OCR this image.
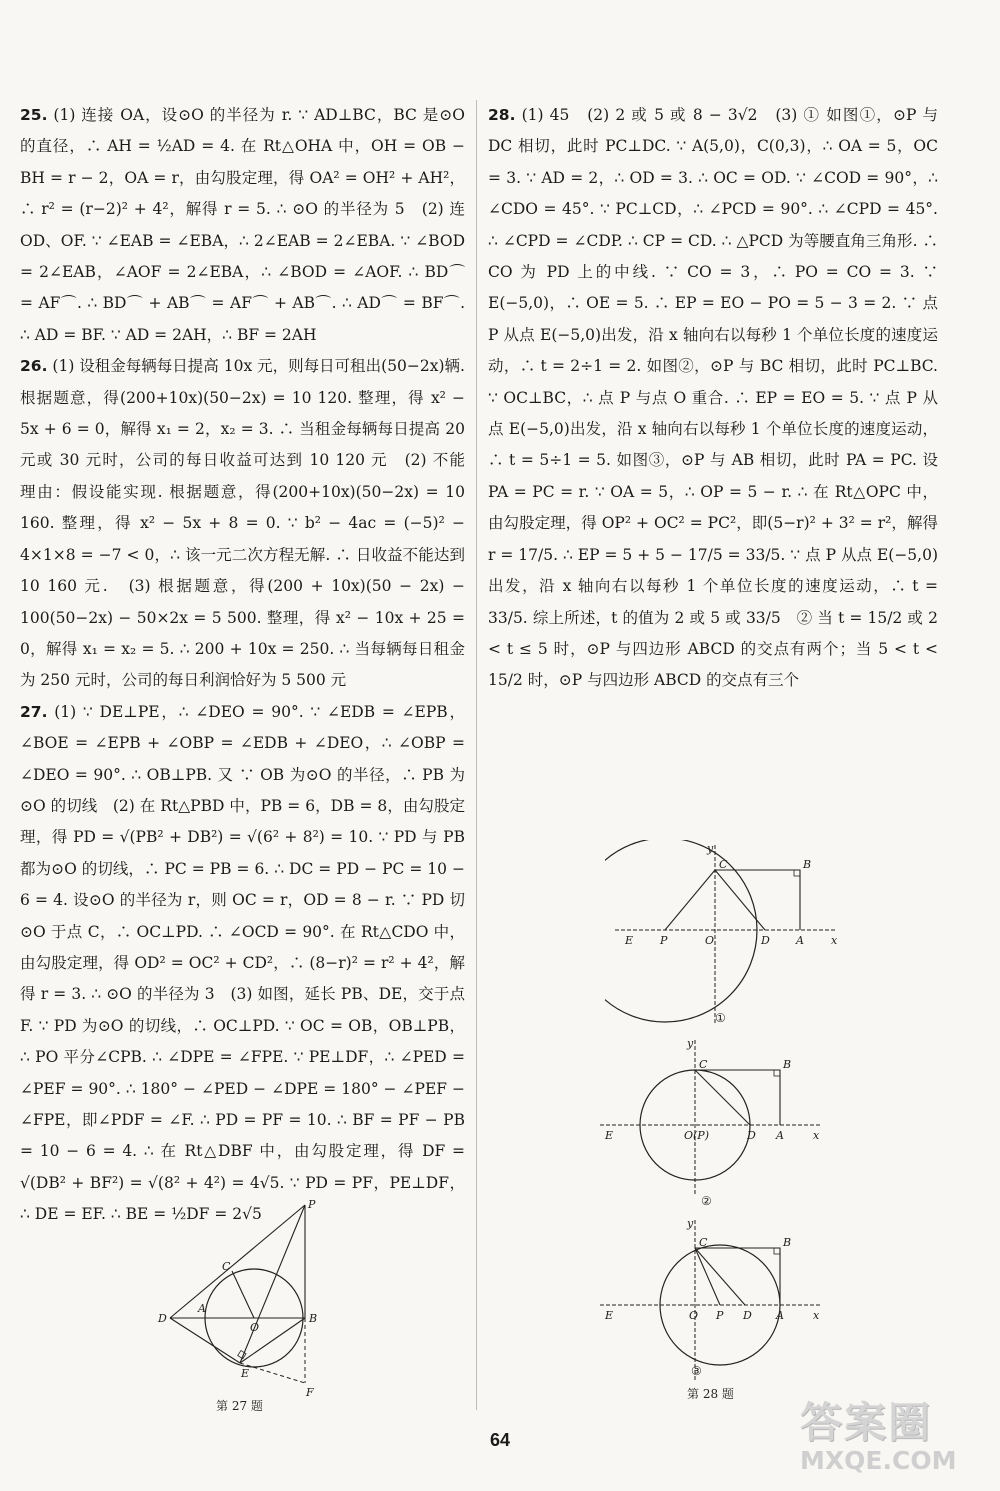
25. (1) 连接 OA，设⊙O 的半径为 r. ∵ AD⊥BC，BC 是⊙O 的直径，∴ AH = ½AD = 4. 在 Rt△OHA 中，OH = OB − BH = r − 2，OA = r，由勾股定理，得 OA² = OH² + AH²，∴ r² = (r−2)² + 4²，解得 r = 5. ∴ ⊙O 的半径为 5　(2) 连 OD、OF. ∵ ∠EAB = ∠EBA，∴ 2∠EAB = 2∠EBA. ∵ ∠BOD = 2∠EAB，∠AOF = 2∠EBA，∴ ∠BOD = ∠AOF. ∴ BD⌒ = AF⌒. ∴ BD⌒ + AB⌒ = AF⌒ + AB⌒. ∴ AD⌒ = BF⌒. ∴ AD = BF. ∵ AD = 2AH，∴ BF = 2AH

26. (1) 设租金每辆每日提高 10x 元，则每日可租出(50−2x)辆. 根据题意，得(200+10x)(50−2x) = 10 120. 整理，得 x² − 5x + 6 = 0，解得 x₁ = 2，x₂ = 3. ∴ 当租金每辆每日提高 20 元或 30 元时，公司的每日收益可达到 10 120 元　(2) 不能　理由：假设能实现. 根据题意，得(200+10x)(50−2x) = 10 160. 整理，得 x² − 5x + 8 = 0. ∵ b² − 4ac = (−5)² − 4×1×8 = −7 < 0，∴ 该一元二次方程无解. ∴ 日收益不能达到 10 160 元.　(3) 根据题意，得(200 + 10x)(50 − 2x) − 100(50−2x) − 50×2x = 5 500. 整理，得 x² − 10x + 25 = 0，解得 x₁ = x₂ = 5. ∴ 200 + 10x = 250. ∴ 当每辆每日租金为 250 元时，公司的每日利润恰好为 5 500 元

27. (1) ∵ DE⊥PE，∴ ∠DEO = 90°. ∵ ∠EDB = ∠EPB，∠BOE = ∠EPB + ∠OBP = ∠EDB + ∠DEO，∴ ∠OBP = ∠DEO = 90°. ∴ OB⊥PB. 又 ∵ OB 为⊙O 的半径，∴ PB 为⊙O 的切线　(2) 在 Rt△PBD 中，PB = 6，DB = 8，由勾股定理，得 PD = √(PB² + DB²) = √(6² + 8²) = 10. ∵ PD 与 PB 都为⊙O 的切线，∴ PC = PB = 6. ∴ DC = PD − PC = 10 − 6 = 4. 设⊙O 的半径为 r，则 OC = r，OD = 8 − r. ∵ PD 切⊙O 于点 C，∴ OC⊥PD. ∴ ∠OCD = 90°. 在 Rt△CDO 中，由勾股定理，得 OD² = OC² + CD²，∴ (8−r)² = r² + 4²，解得 r = 3. ∴ ⊙O 的半径为 3　(3) 如图，延长 PB、DE，交于点 F. ∵ PD 为⊙O 的切线，∴ OC⊥PD. ∵ OC = OB，OB⊥PB，∴ PO 平分∠CPB. ∴ ∠DPE = ∠FPE. ∵ PE⊥DF，∴ ∠PED = ∠PEF = 90°. ∴ 180° − ∠PED − ∠DPE = 180° − ∠PEF − ∠FPE，即∠PDF = ∠F. ∴ PD = PF = 10. ∴ BF = PF − PB = 10 − 6 = 4. ∴ 在 Rt△DBF 中，由勾股定理，得 DF = √(DB² + BF²) = √(8² + 4²) = 4√5. ∵ PD = PF，PE⊥DF，∴ DE = EF. ∴ BE = ½DF = 2√5

P
C
A
D
O
B
E
F
第 27 题

28. (1) 45　(2) 2 或 5 或 8 − 3√2　(3) ① 如图①，⊙P 与 DC 相切，此时 PC⊥DC. ∵ A(5,0)，C(0,3)，∴ OA = 5，OC = 3. ∵ AD = 2，∴ OD = 3. ∴ OC = OD. ∵ ∠COD = 90°，∴ ∠CDO = 45°. ∵ PC⊥CD，∴ ∠PCD = 90°. ∴ ∠CPD = 45°. ∴ ∠CPD = ∠CDP. ∴ CP = CD. ∴ △PCD 为等腰直角三角形. ∴ CO 为 PD 上的中线. ∵ CO = 3，∴ PO = CO = 3. ∵ E(−5,0)，∴ OE = 5. ∴ EP = EO − PO = 5 − 3 = 2. ∵ 点 P 从点 E(−5,0)出发，沿 x 轴向右以每秒 1 个单位长度的速度运动，∴ t = 2÷1 = 2. 如图②，⊙P 与 BC 相切，此时 PC⊥BC. ∵ OC⊥BC，∴ 点 P 与点 O 重合. ∴ EP = EO = 5. ∵ 点 P 从点 E(−5,0)出发，沿 x 轴向右以每秒 1 个单位长度的速度运动，∴ t = 5÷1 = 5. 如图③，⊙P 与 AB 相切，此时 PA = PC. 设 PA = PC = r. ∵ OA = 5，∴ OP = 5 − r. ∴ 在 Rt△OPC 中，由勾股定理，得 OP² + OC² = PC²，即(5−r)² + 3² = r²，解得 r = 17/5. ∴ EP = 5 + 5 − 17/5 = 33/5. ∵ 点 P 从点 E(−5,0)出发，沿 x 轴向右以每秒 1 个单位长度的速度运动，∴ t = 33/5. 综上所述，t 的值为 2 或 5 或 33/5　② 当 t = 15/2 或 2 < t ≤ 5 时，⊙P 与四边形 ABCD 的交点有两个；当 5 < t < 15/2 时，⊙P 与四边形 ABCD 的交点有三个

y
C	B
E P	O	D A x
①
y
C	B
E	O(P)	D A	x
②
y
C	B
E	O P D A	x
③
第 28 题
64	答案圈
MXQE.COM
